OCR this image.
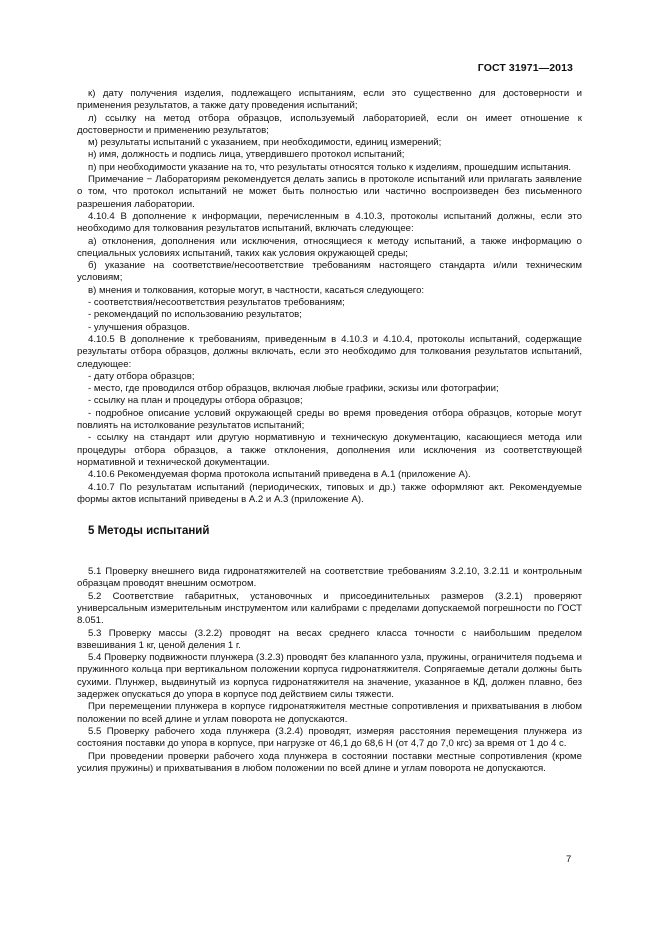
ГОСТ 31971—2013

к) дату получения изделия, подлежащего испытаниям, если это существенно для достоверности и применения результатов, а также дату проведения испытаний;

л) ссылку на метод отбора образцов, используемый лабораторией, если он имеет отношение к достоверности и применению результатов;

м) результаты испытаний с указанием, при необходимости, единиц измерений;

н) имя, должность и подпись лица, утвердившего протокол испытаний;

п) при необходимости указание на то, что результаты относятся только к изделиям, прошедшим испытания.

Примечание − Лабораториям рекомендуется делать запись в протоколе испытаний или прилагать заявление о том, что протокол испытаний не может быть полностью или частично воспроизведен без письменного разрешения лаборатории.

4.10.4 В дополнение к информации, перечисленным в 4.10.3, протоколы испытаний должны, если это необходимо для толкования результатов испытаний, включать следующее:

а) отклонения, дополнения или исключения, относящиеся к методу испытаний, а также информацию о специальных условиях испытаний, таких как условия окружающей среды;

б) указание на соответствие/несоответствие требованиям настоящего стандарта и/или техническим условиям;

в) мнения и толкования, которые могут, в частности, касаться следующего:

- соответствия/несоответствия результатов требованиям;

- рекомендаций по использованию результатов;

- улучшения образцов.

4.10.5 В дополнение к требованиям, приведенным в 4.10.3 и 4.10.4, протоколы испытаний, содержащие результаты отбора образцов, должны включать, если это необходимо для толкования результатов испытаний, следующее:

- дату отбора образцов;

- место, где проводился отбор образцов, включая любые графики, эскизы или фотографии;

- ссылку на план и процедуры отбора образцов;

- подробное описание условий окружающей среды во время проведения отбора образцов, которые могут повлиять на истолкование результатов испытаний;

- ссылку на стандарт или другую нормативную и техническую документацию, касающиеся метода или процедуры отбора образцов, а также отклонения, дополнения или исключения из соответствующей нормативной и технической документации.

4.10.6 Рекомендуемая форма протокола испытаний приведена в А.1 (приложение А).

4.10.7 По результатам испытаний (периодических, типовых и др.) также оформляют акт. Рекомендуемые формы актов испытаний приведены в А.2 и А.3 (приложение А).

5 Методы испытаний

5.1 Проверку внешнего вида гидронатяжителей на соответствие требованиям 3.2.10, 3.2.11 и контрольным образцам проводят внешним осмотром.

5.2 Соответствие габаритных, установочных и присоединительных размеров (3.2.1) проверяют универсальным измерительным инструментом или калибрами с пределами допускаемой погрешности по ГОСТ 8.051.

5.3 Проверку массы (3.2.2) проводят на весах среднего класса точности с наибольшим пределом взвешивания 1 кг, ценой деления 1 г.

5.4 Проверку подвижности плунжера (3.2.3) проводят без клапанного узла, пружины, ограничителя подъема и пружинного кольца при вертикальном положении корпуса гидронатяжителя. Сопрягаемые детали должны быть сухими. Плунжер, выдвинутый из корпуса гидронатяжителя на значение, указанное в КД, должен плавно, без задержек опускаться до упора в корпусе под действием силы тяжести.

При перемещении плунжера в корпусе гидронатяжителя местные сопротивления и прихватывания в любом положении по всей длине и углам поворота не допускаются.

5.5 Проверку рабочего хода плунжера (3.2.4) проводят, измеряя расстояния перемещения плунжера из состояния поставки до упора в корпусе, при нагрузке от 46,1 до 68,6 Н (от 4,7 до 7,0 кгс) за время от 1 до 4 с.

При проведении проверки рабочего хода плунжера в состоянии поставки местные сопротивления (кроме усилия пружины) и прихватывания в любом положении по всей длине и углам поворота не допускаются.

7
